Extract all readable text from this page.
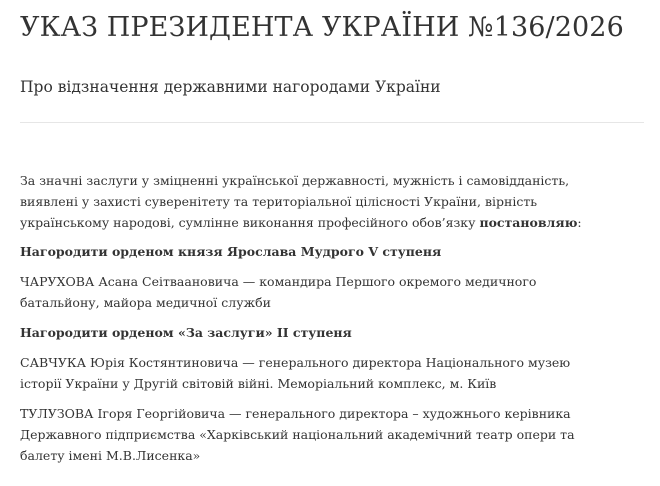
УКАЗ ПРЕЗИДЕНТА УКРАЇНИ №136/2026
Про відзначення державними нагородами України

За значні заслуги у зміцненні української державності, мужність і самовідданість,
виявлені у захисті суверенітету та територіальної цілісності України, вірність
українському народові, сумлінне виконання професійного обов’язку постановляю:

Нагородити орденом князя Ярослава Мудрого V ступеня

ЧАРУХОВА Асана Сеітваановича — командира Першого окремого медичного
батальйону, майора медичної служби

Нагородити орденом «За заслуги» ІІ ступеня

САВЧУКА Юрія Костянтиновича — генерального директора Національного музею
історії України у Другій світовій війні. Меморіальний комплекс, м. Київ

ТУЛУЗОВА Ігоря Георгійовича — генерального директора – художнього керівника
Державного підприємства «Харківський національний академічний театр опери та
балету імені М.В.Лисенка»
